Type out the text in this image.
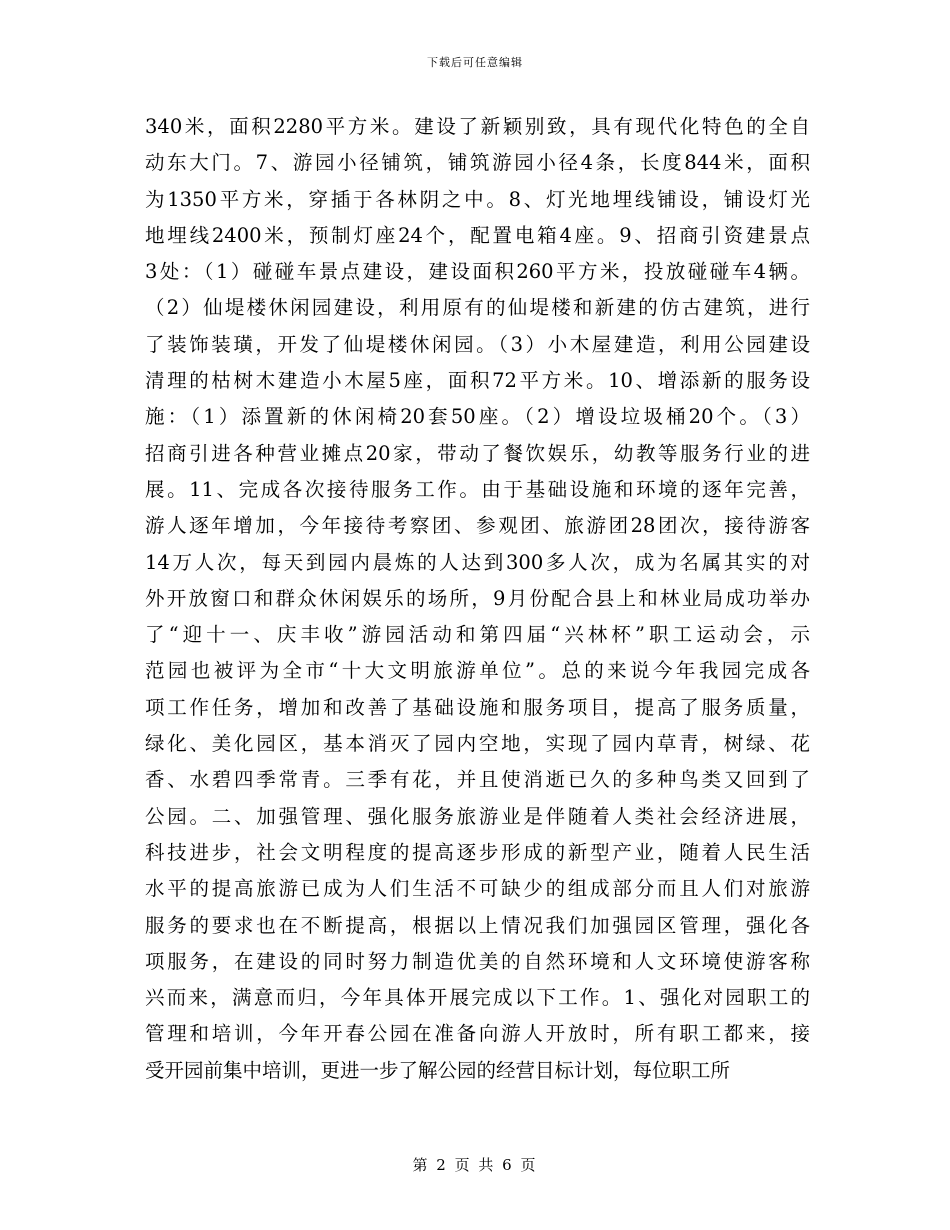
下载后可任意编辑
340米，面积2280平方米。建设了新颖别致，具有现代化特色的全自
动东大门。7、游园小径铺筑，铺筑游园小径4条，长度844米，面积
为1350平方米，穿插于各林阴之中。8、灯光地埋线铺设，铺设灯光
地埋线2400米，预制灯座24个，配置电箱4座。9、招商引资建景点
3处：（1）碰碰车景点建设，建设面积260平方米，投放碰碰车4辆。
（2）仙堤楼休闲园建设，利用原有的仙堤楼和新建的仿古建筑，进行
了装饰装璜，开发了仙堤楼休闲园。（3）小木屋建造，利用公园建设
清理的枯树木建造小木屋5座，面积72平方米。10、增添新的服务设
施：（1）添置新的休闲椅20套50座。（2）增设垃圾桶20个。（3）
招商引进各种营业摊点20家，带动了餐饮娱乐，幼教等服务行业的进
展。11、完成各次接待服务工作。由于基础设施和环境的逐年完善，
游人逐年增加，今年接待考察团、参观团、旅游团28团次，接待游客
14万人次，每天到园内晨炼的人达到300多人次，成为名属其实的对
外开放窗口和群众休闲娱乐的场所，9月份配合县上和林业局成功举办
了“迎十一、庆丰收”游园活动和第四届“兴林杯”职工运动会，示
范园也被评为全市“十大文明旅游单位”。总的来说今年我园完成各
项工作任务，增加和改善了基础设施和服务项目，提高了服务质量，
绿化、美化园区，基本消灭了园内空地，实现了园内草青，树绿、花
香、水碧四季常青。三季有花，并且使消逝已久的多种鸟类又回到了
公园。二、加强管理、强化服务旅游业是伴随着人类社会经济进展，
科技进步，社会文明程度的提高逐步形成的新型产业，随着人民生活
水平的提高旅游已成为人们生活不可缺少的组成部分而且人们对旅游
服务的要求也在不断提高，根据以上情况我们加强园区管理，强化各
项服务，在建设的同时努力制造优美的自然环境和人文环境使游客称
兴而来，满意而归，今年具体开展完成以下工作。1、强化对园职工的
管理和培训，今年开春公园在准备向游人开放时，所有职工都来，接
受开园前集中培训，更进一步了解公园的经营目标计划，每位职工所
第 2 页 共 6 页
